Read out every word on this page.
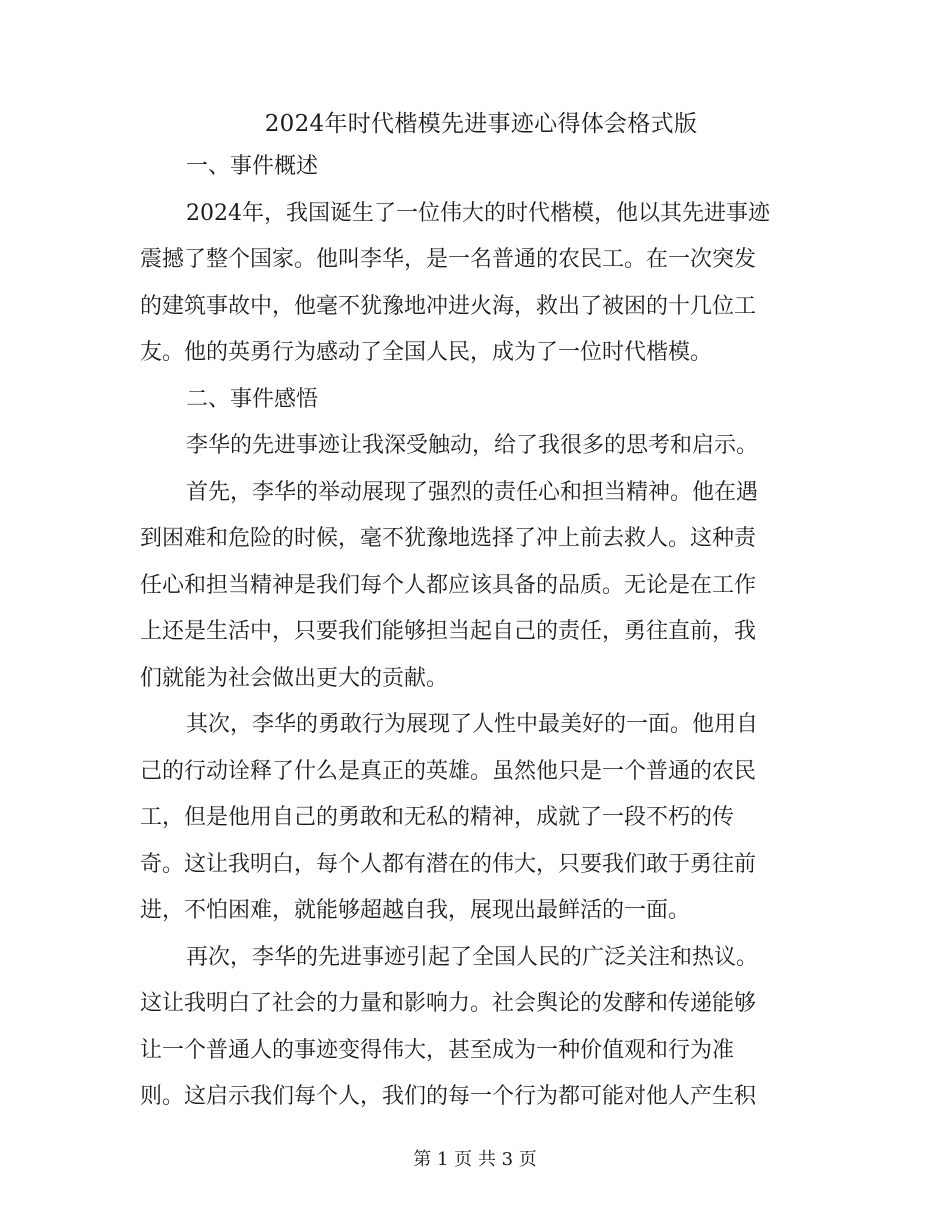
2024年时代楷模先进事迹心得体会格式版

一、事件概述

2024年，我国诞生了一位伟大的时代楷模，他以其先进事迹

震撼了整个国家。他叫李华，是一名普通的农民工。在一次突发

的建筑事故中，他毫不犹豫地冲进火海，救出了被困的十几位工

友。他的英勇行为感动了全国人民，成为了一位时代楷模。

二、事件感悟

李华的先进事迹让我深受触动，给了我很多的思考和启示。

首先，李华的举动展现了强烈的责任心和担当精神。他在遇

到困难和危险的时候，毫不犹豫地选择了冲上前去救人。这种责

任心和担当精神是我们每个人都应该具备的品质。无论是在工作

上还是生活中，只要我们能够担当起自己的责任，勇往直前，我

们就能为社会做出更大的贡献。

其次，李华的勇敢行为展现了人性中最美好的一面。他用自

己的行动诠释了什么是真正的英雄。虽然他只是一个普通的农民

工，但是他用自己的勇敢和无私的精神，成就了一段不朽的传

奇。这让我明白，每个人都有潜在的伟大，只要我们敢于勇往前

进，不怕困难，就能够超越自我，展现出最鲜活的一面。

再次，李华的先进事迹引起了全国人民的广泛关注和热议。

这让我明白了社会的力量和影响力。社会舆论的发酵和传递能够

让一个普通人的事迹变得伟大，甚至成为一种价值观和行为准

则。这启示我们每个人，我们的每一个行为都可能对他人产生积

第 1 页 共 3 页
